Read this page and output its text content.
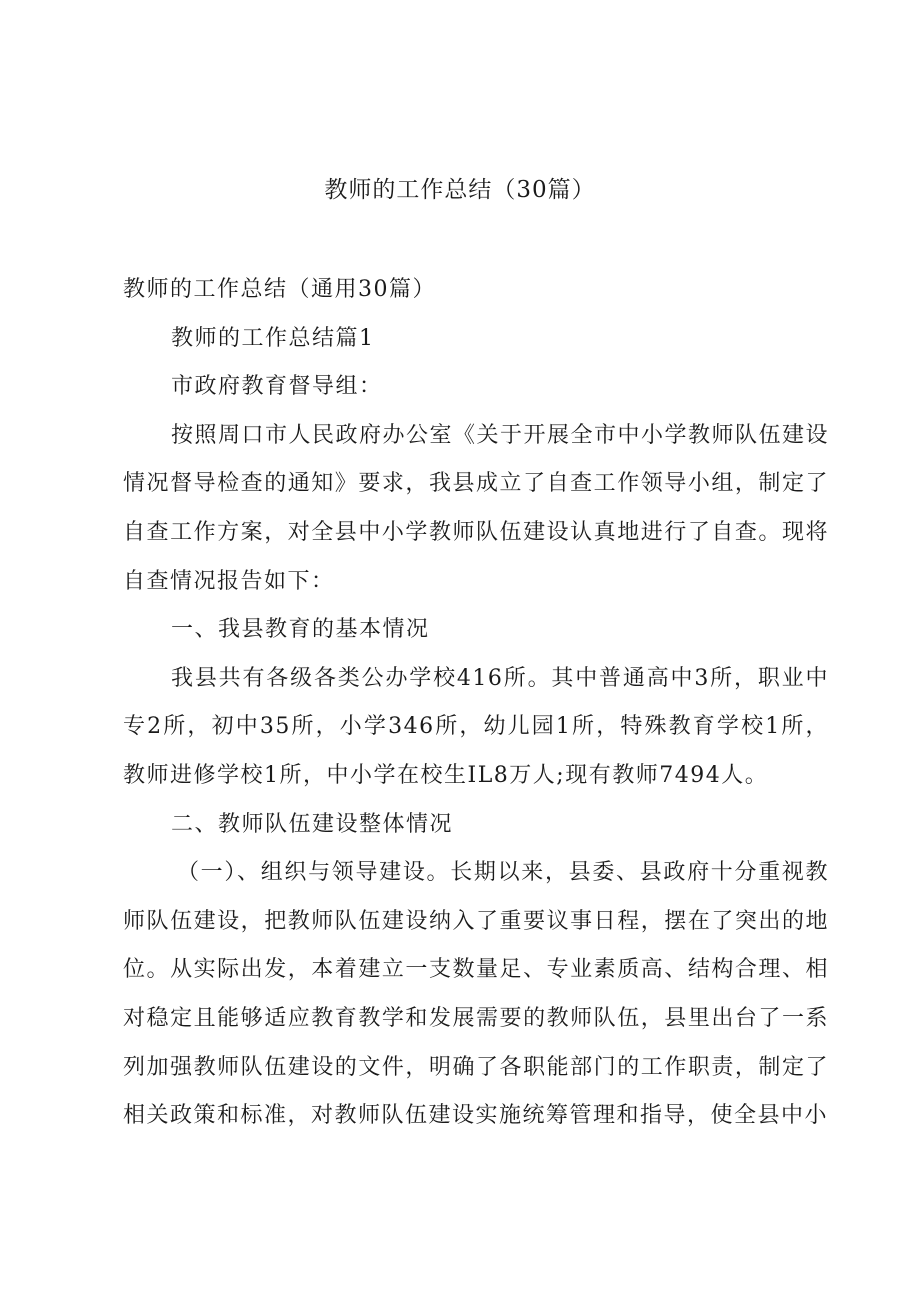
教师的工作总结（30篇）

教师的工作总结（通用30篇）

教师的工作总结篇1

市政府教育督导组：

按照周口市人民政府办公室《关于开展全市中小学教师队伍建设情况督导检查的通知》要求，我县成立了自查工作领导小组，制定了自查工作方案，对全县中小学教师队伍建设认真地进行了自查。现将自查情况报告如下：

一、我县教育的基本情况

我县共有各级各类公办学校416所。其中普通高中3所，职业中专2所，初中35所，小学346所，幼儿园1所，特殊教育学校1所，教师进修学校1所，中小学在校生IL8万人;现有教师7494人。

二、教师队伍建设整体情况

（一）、组织与领导建设。长期以来，县委、县政府十分重视教师队伍建设，把教师队伍建设纳入了重要议事日程，摆在了突出的地位。从实际出发，本着建立一支数量足、专业素质高、结构合理、相对稳定且能够适应教育教学和发展需要的教师队伍，县里出台了一系列加强教师队伍建设的文件，明确了各职能部门的工作职责，制定了相关政策和标准，对教师队伍建设实施统筹管理和指导，使全县中小
